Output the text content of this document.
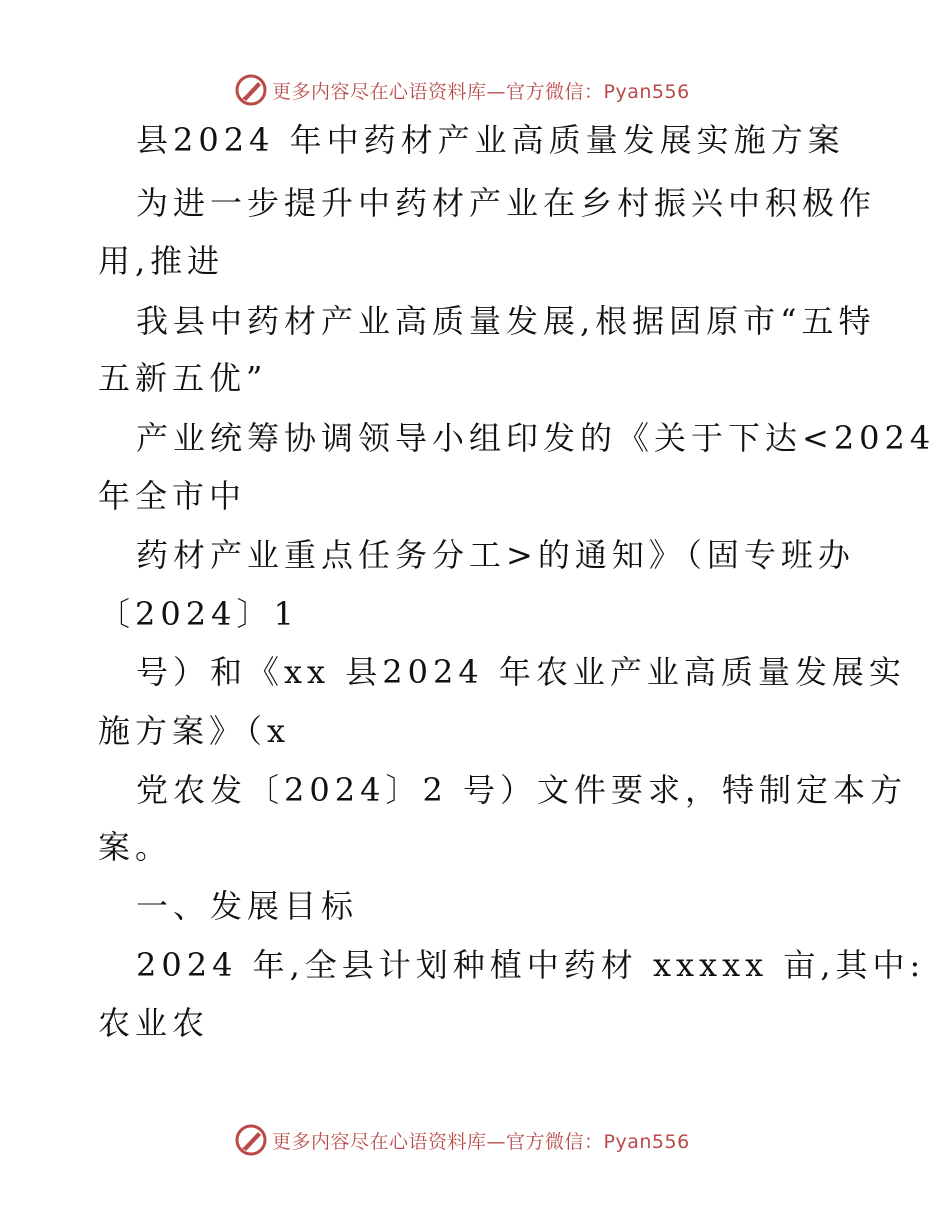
更多内容尽在心语资料库—官方微信：Pyan556
县2024 年中药材产业高质量发展实施方案
为进一步提升中药材产业在乡村振兴中积极作
用,推进
我县中药材产业高质量发展,根据固原市“五特
五新五优”
产业统筹协调领导小组印发的《关于下达<2024
年全市中
药材产业重点任务分工>的通知》（固专班办
〔2024〕1
号）和《xx 县2024 年农业产业高质量发展实
施方案》（x
党农发〔2024〕2 号）文件要求，特制定本方
案。
一、发展目标
2024 年,全县计划种植中药材 xxxxx 亩,其中:
农业农
更多内容尽在心语资料库—官方微信：Pyan556
